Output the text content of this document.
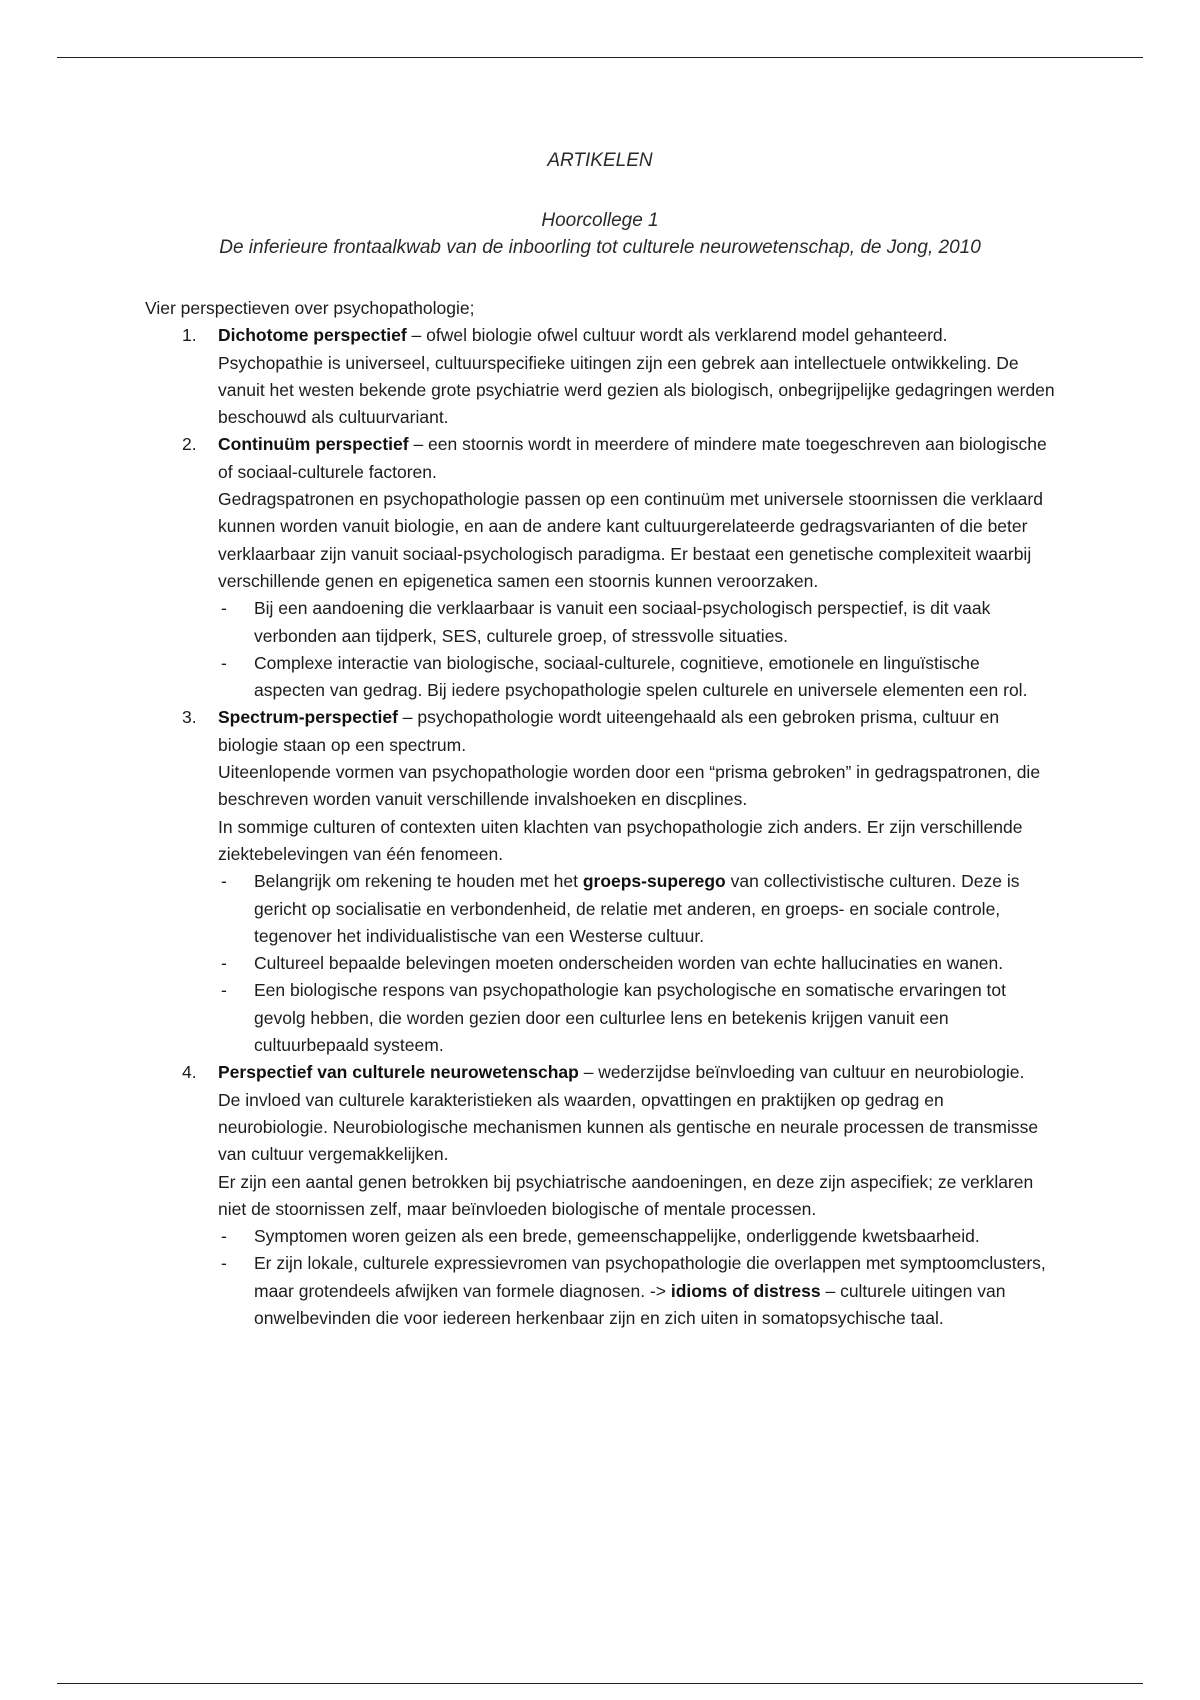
ARTIKELEN

Hoorcollege 1

De inferieure frontaalkwab van de inboorling tot culturele neurowetenschap, de Jong, 2010

Vier perspectieven over psychopathologie;

1. Dichotome perspectief – ofwel biologie ofwel cultuur wordt als verklarend model gehanteerd.

Psychopathie is universeel, cultuurspecifieke uitingen zijn een gebrek aan intellectuele ontwikkeling. De vanuit het westen bekende grote psychiatrie werd gezien als biologisch, onbegrijpelijke gedagringen werden beschouwd als cultuurvariant.

2. Continuüm perspectief – een stoornis wordt in meerdere of mindere mate toegeschreven aan biologische of sociaal-culturele factoren.

Gedragspatronen en psychopathologie passen op een continuüm met universele stoornissen die verklaard kunnen worden vanuit biologie, en aan de andere kant cultuurgerelateerde gedragsvarianten of die beter verklaarbaar zijn vanuit sociaal-psychologisch paradigma. Er bestaat een genetische complexiteit waarbij verschillende genen en epigenetica samen een stoornis kunnen veroorzaken.

- Bij een aandoening die verklaarbaar is vanuit een sociaal-psychologisch perspectief, is dit vaak verbonden aan tijdperk, SES, culturele groep, of stressvolle situaties.
- Complexe interactie van biologische, sociaal-culturele, cognitieve, emotionele en linguïstische aspecten van gedrag. Bij iedere psychopathologie spelen culturele en universele elementen een rol.
3. Spectrum-perspectief – psychopathologie wordt uiteengehaald als een gebroken prisma, cultuur en biologie staan op een spectrum.

Uiteenlopende vormen van psychopathologie worden door een “prisma gebroken” in gedragspatronen, die beschreven worden vanuit verschillende invalshoeken en discplines.

In sommige culturen of contexten uiten klachten van psychopathologie zich anders. Er zijn verschillende ziektebelevingen van één fenomeen.

- Belangrijk om rekening te houden met het groeps-superego van collectivistische culturen. Deze is gericht op socialisatie en verbondenheid, de relatie met anderen, en groeps- en sociale controle, tegenover het individualistische van een Westerse cultuur.
- Cultureel bepaalde belevingen moeten onderscheiden worden van echte hallucinaties en wanen.
- Een biologische respons van psychopathologie kan psychologische en somatische ervaringen tot gevolg hebben, die worden gezien door een culturlee lens en betekenis krijgen vanuit een cultuurbepaald systeem.
4. Perspectief van culturele neurowetenschap – wederzijdse beïnvloeding van cultuur en neurobiologie.

De invloed van culturele karakteristieken als waarden, opvattingen en praktijken op gedrag en neurobiologie. Neurobiologische mechanismen kunnen als gentische en neurale processen de transmisse van cultuur vergemakkelijken.

Er zijn een aantal genen betrokken bij psychiatrische aandoeningen, en deze zijn aspecifiek; ze verklaren niet de stoornissen zelf, maar beïnvloeden biologische of mentale processen.

- Symptomen woren geizen als een brede, gemeenschappelijke, onderliggende kwetsbaarheid.
- Er zijn lokale, culturele expressievromen van psychopathologie die overlappen met symptoomclusters, maar grotendeels afwijken van formele diagnosen. -> idioms of distress – culturele uitingen van onwelbevinden die voor iedereen herkenbaar zijn en zich uiten in somatopsychische taal.
